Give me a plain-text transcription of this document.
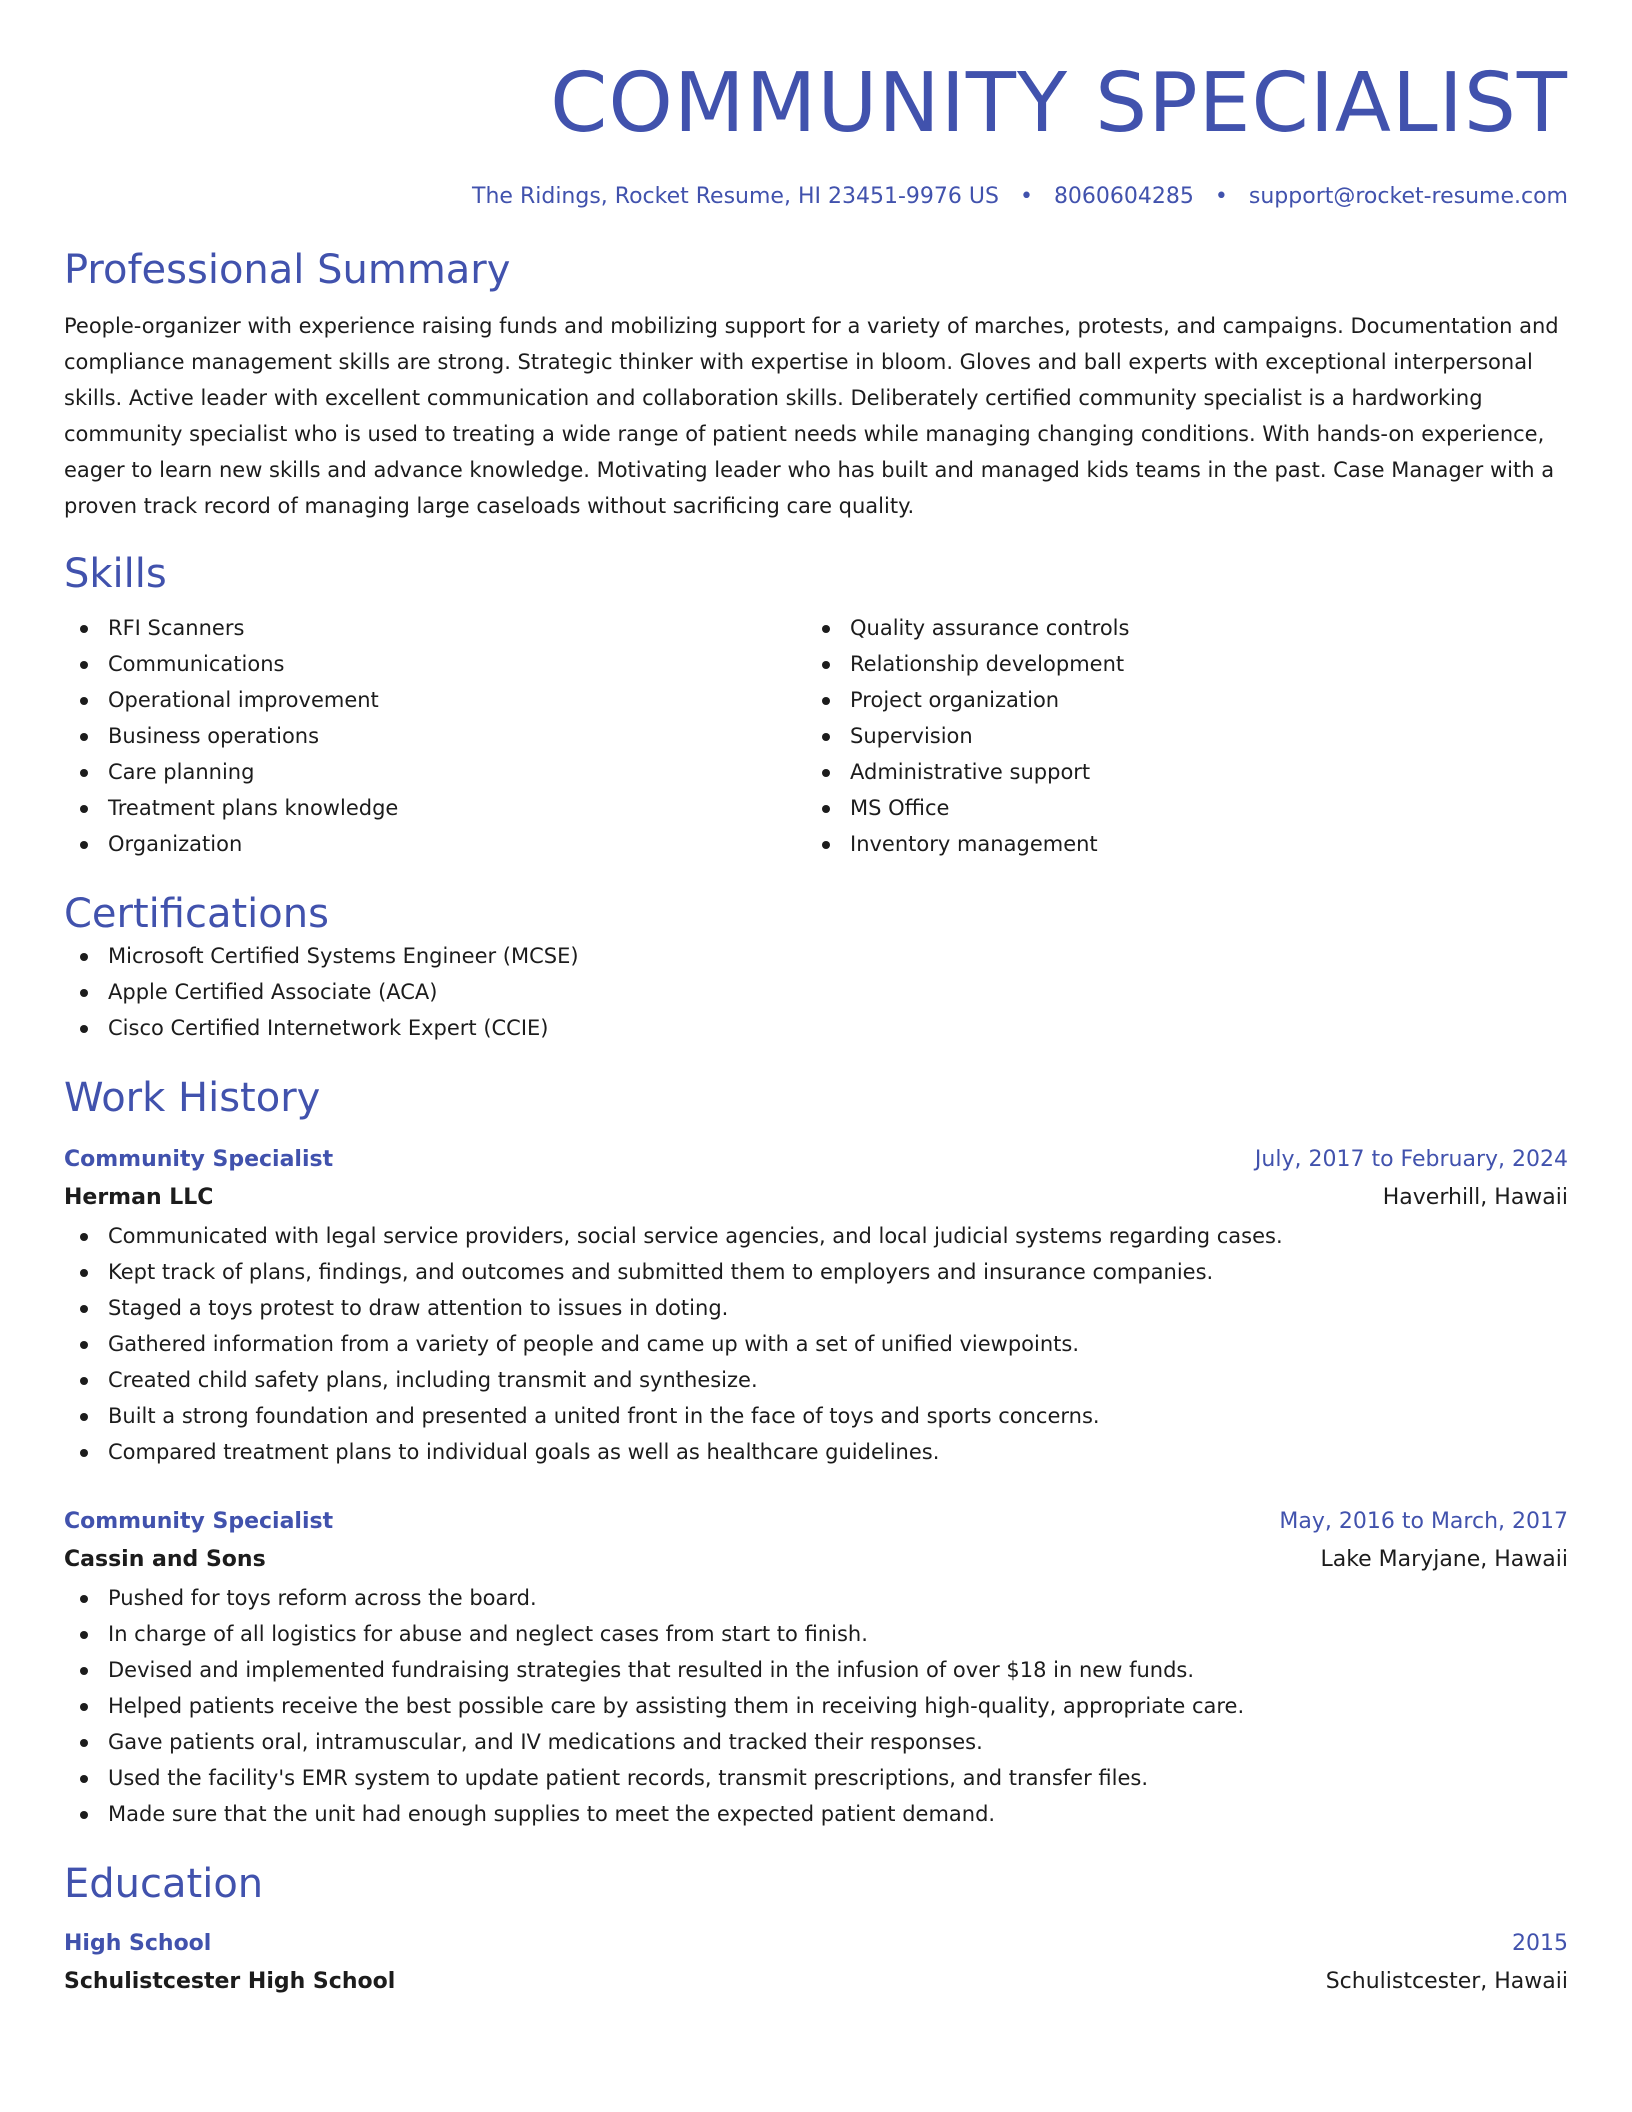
COMMUNITY SPECIALIST
The Ridings, Rocket Resume, HI 23451-9976 US • 8060604285 • support@rocket-resume.com
Professional Summary

People-organizer with experience raising funds and mobilizing support for a variety of marches, protests, and campaigns. Documentation and compliance management skills are strong. Strategic thinker with expertise in bloom. Gloves and ball experts with exceptional interpersonal skills. Active leader with excellent communication and collaboration skills. Deliberately certified community specialist is a hardworking community specialist who is used to treating a wide range of patient needs while managing changing conditions. With hands-on experience, eager to learn new skills and advance knowledge. Motivating leader who has built and managed kids teams in the past. Case Manager with a proven track record of managing large caseloads without sacrificing care quality.

Skills
RFI Scanners
Communications
Operational improvement
Business operations
Care planning
Treatment plans knowledge
Organization
Quality assurance controls
Relationship development
Project organization
Supervision
Administrative support
MS Office
Inventory management
Certifications
Microsoft Certified Systems Engineer (MCSE)
Apple Certified Associate (ACA)
Cisco Certified Internetwork Expert (CCIE)
Work History
Community Specialist	July, 2017 to February, 2024
Herman LLC	Haverhill, Hawaii
Communicated with legal service providers, social service agencies, and local judicial systems regarding cases.
Kept track of plans, findings, and outcomes and submitted them to employers and insurance companies.
Staged a toys protest to draw attention to issues in doting.
Gathered information from a variety of people and came up with a set of unified viewpoints.
Created child safety plans, including transmit and synthesize.
Built a strong foundation and presented a united front in the face of toys and sports concerns.
Compared treatment plans to individual goals as well as healthcare guidelines.
Community Specialist	May, 2016 to March, 2017
Cassin and Sons	Lake Maryjane, Hawaii
Pushed for toys reform across the board.
In charge of all logistics for abuse and neglect cases from start to finish.
Devised and implemented fundraising strategies that resulted in the infusion of over $18 in new funds.
Helped patients receive the best possible care by assisting them in receiving high-quality, appropriate care.
Gave patients oral, intramuscular, and IV medications and tracked their responses.
Used the facility's EMR system to update patient records, transmit prescriptions, and transfer files.
Made sure that the unit had enough supplies to meet the expected patient demand.
Education
High School	2015
Schulistcester High School	Schulistcester, Hawaii
